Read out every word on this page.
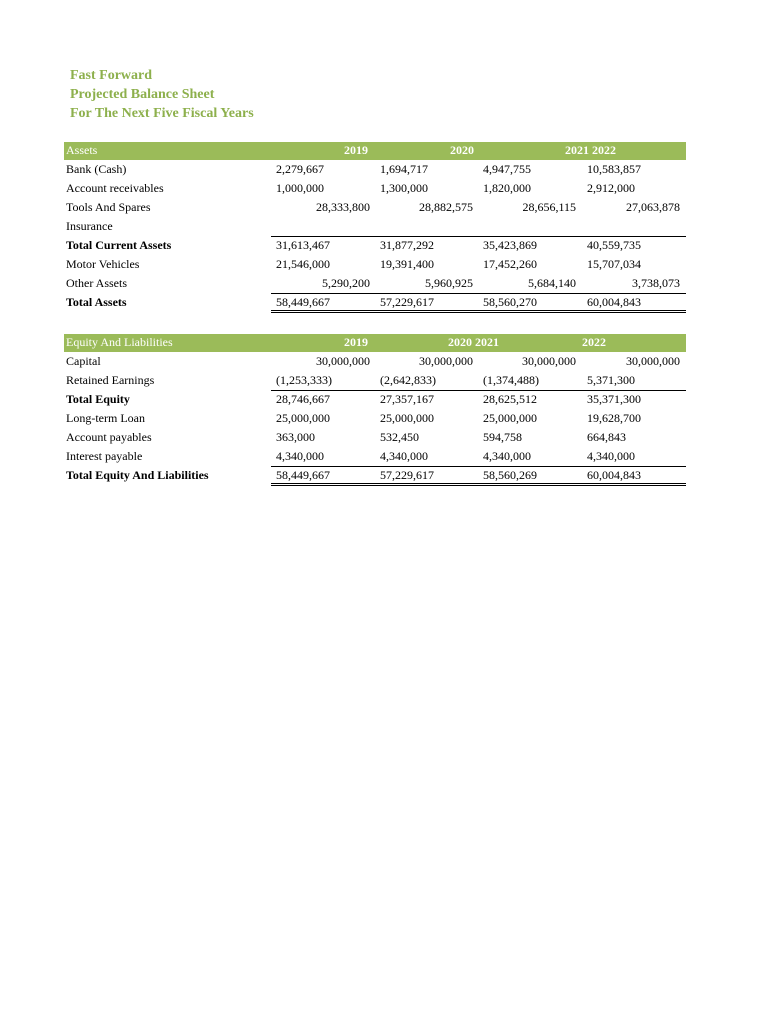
Fast Forward
Projected Balance Sheet
For The Next Five Fiscal Years
Assets	2019	2020	2021 2022
Bank (Cash)	2,279,667	1,694,717	4,947,755	10,583,857
Account receivables	1,000,000	1,300,000	1,820,000	2,912,000
Tools And Spares	28,333,800	28,882,575	28,656,115	27,063,878
Insurance
Total Current Assets	31,613,467	31,877,292	35,423,869	40,559,735
Motor Vehicles	21,546,000	19,391,400	17,452,260	15,707,034
Other Assets	5,290,200	5,960,925	5,684,140	3,738,073
Total Assets	58,449,667	57,229,617	58,560,270	60,004,843
Equity And Liabilities	2019	2020 2021	2022
Capital	30,000,000	30,000,000	30,000,000	30,000,000
Retained Earnings	(1,253,333)	(2,642,833)	(1,374,488)	5,371,300
Total Equity	28,746,667	27,357,167	28,625,512	35,371,300
Long-term Loan	25,000,000	25,000,000	25,000,000	19,628,700
Account payables	363,000	532,450	594,758	664,843
Interest payable	4,340,000	4,340,000	4,340,000	4,340,000
Total Equity And Liabilities	58,449,667	57,229,617	58,560,269	60,004,843
